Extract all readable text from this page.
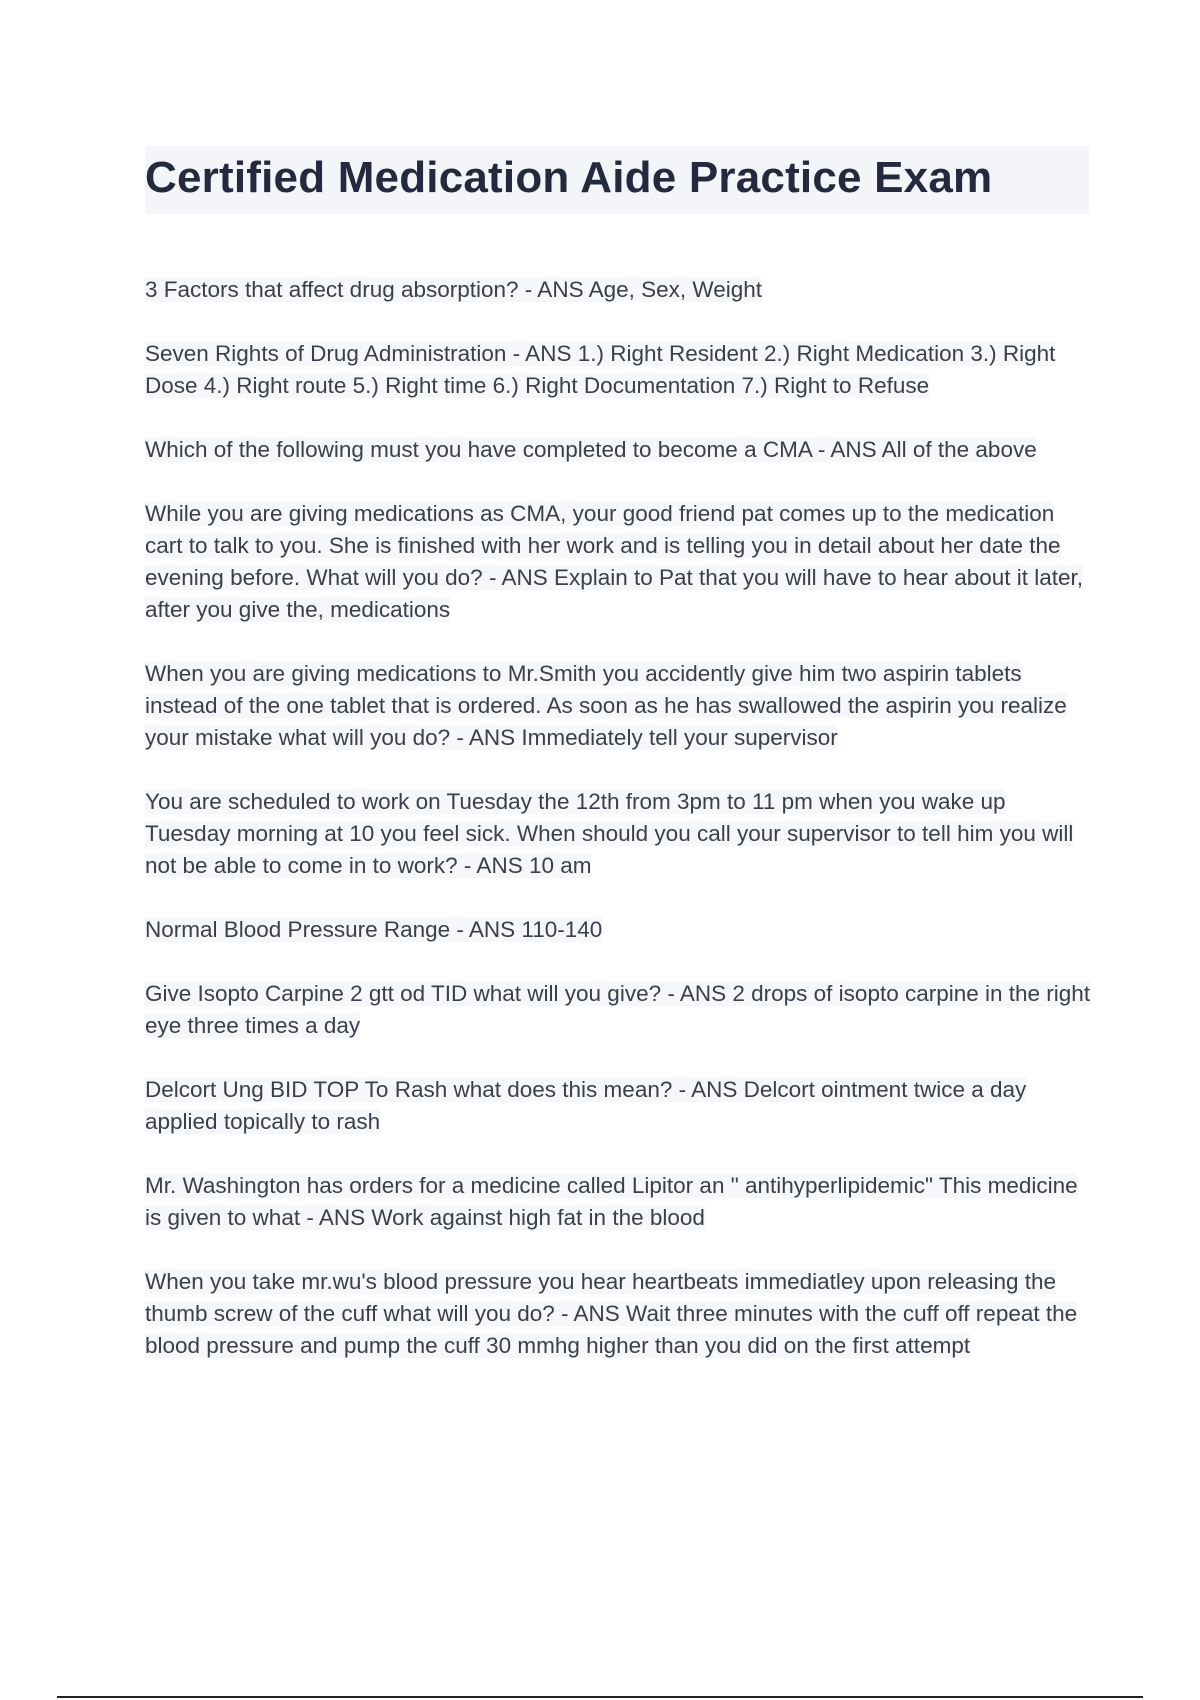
Certified Medication Aide Practice Exam

3 Factors that affect drug absorption? - ANS Age, Sex, Weight

Seven Rights of Drug Administration - ANS 1.) Right Resident 2.) Right Medication 3.) Right Dose 4.) Right route 5.) Right time 6.) Right Documentation 7.) Right to Refuse

Which of the following must you have completed to become a CMA - ANS All of the above

While you are giving medications as CMA, your good friend pat comes up to the medication cart to talk to you. She is finished with her work and is telling you in detail about her date the evening before. What will you do? - ANS Explain to Pat that you will have to hear about it later, after you give the, medications

When you are giving medications to Mr.Smith you accidently give him two aspirin tablets instead of the one tablet that is ordered. As soon as he has swallowed the aspirin you realize your mistake what will you do? - ANS Immediately tell your supervisor

You are scheduled to work on Tuesday the 12th from 3pm to 11 pm when you wake up Tuesday morning at 10 you feel sick. When should you call your supervisor to tell him you will not be able to come in to work? - ANS 10 am

Normal Blood Pressure Range - ANS 110-140

Give Isopto Carpine 2 gtt od TID what will you give? - ANS 2 drops of isopto carpine in the right eye three times a day

Delcort Ung BID TOP To Rash what does this mean? - ANS Delcort ointment twice a day applied topically to rash

Mr. Washington has orders for a medicine called Lipitor an " antihyperlipidemic" This medicine is given to what - ANS Work against high fat in the blood

When you take mr.wu's blood pressure you hear heartbeats immediatley upon releasing the thumb screw of the cuff what will you do? - ANS Wait three minutes with the cuff off repeat the blood pressure and pump the cuff 30 mmhg higher than you did on the first attempt
